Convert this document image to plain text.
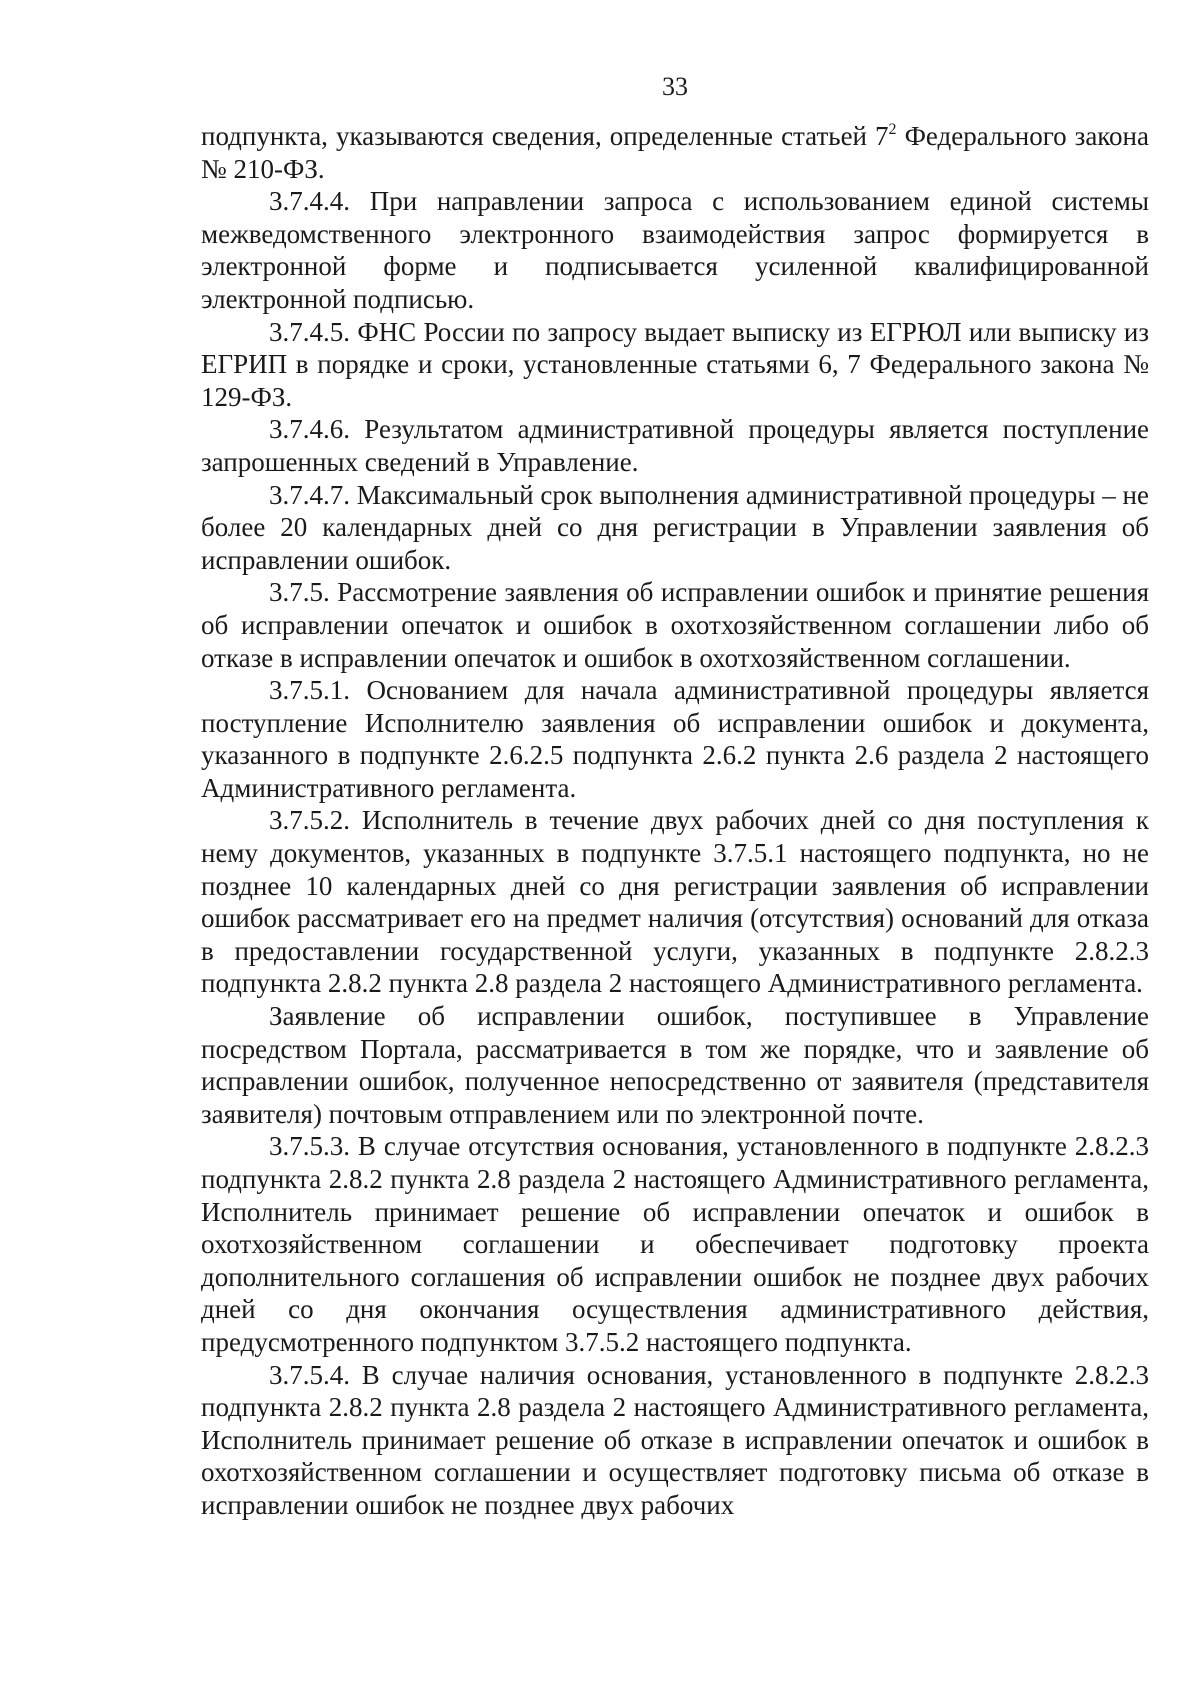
33

подпункта, указываются сведения, определенные статьей $7^2$ Федерального закона № 210-ФЗ.

3.7.4.4. При направлении запроса с использованием единой системы межведомственного электронного взаимодействия запрос формируется в электронной форме и подписывается усиленной квалифицированной электронной подписью.

3.7.4.5. ФНС России по запросу выдает выписку из ЕГРЮЛ или выписку из ЕГРИП в порядке и сроки, установленные статьями 6, 7 Федерального закона № 129-ФЗ.

3.7.4.6. Результатом административной процедуры является поступление запрошенных сведений в Управление.

3.7.4.7. Максимальный срок выполнения административной процедуры – не более 20 календарных дней со дня регистрации в Управлении заявления об исправлении ошибок.

3.7.5. Рассмотрение заявления об исправлении ошибок и принятие решения об исправлении опечаток и ошибок в охотхозяйственном соглашении либо об отказе в исправлении опечаток и ошибок в охотхозяйственном соглашении.

3.7.5.1. Основанием для начала административной процедуры является поступление Исполнителю заявления об исправлении ошибок и документа, указанного в подпункте 2.6.2.5 подпункта 2.6.2 пункта 2.6 раздела 2 настоящего Административного регламента.

3.7.5.2. Исполнитель в течение двух рабочих дней со дня поступления к нему документов, указанных в подпункте 3.7.5.1 настоящего подпункта, но не позднее 10 календарных дней со дня регистрации заявления об исправлении ошибок рассматривает его на предмет наличия (отсутствия) оснований для отказа в предоставлении государственной услуги, указанных в подпункте 2.8.2.3 подпункта 2.8.2 пункта 2.8 раздела 2 настоящего Административного регламента.

Заявление об исправлении ошибок, поступившее в Управление посредством Портала, рассматривается в том же порядке, что и заявление об исправлении ошибок, полученное непосредственно от заявителя (представителя заявителя) почтовым отправлением или по электронной почте.

3.7.5.3. В случае отсутствия основания, установленного в подпункте 2.8.2.3 подпункта 2.8.2 пункта 2.8 раздела 2 настоящего Административного регламента, Исполнитель принимает решение об исправлении опечаток и ошибок в охотхозяйственном соглашении и обеспечивает подготовку проекта дополнительного соглашения об исправлении ошибок не позднее двух рабочих дней со дня окончания осуществления административного действия, предусмотренного подпунктом 3.7.5.2 настоящего подпункта.

3.7.5.4. В случае наличия основания, установленного в подпункте 2.8.2.3 подпункта 2.8.2 пункта 2.8 раздела 2 настоящего Административного регламента, Исполнитель принимает решение об отказе в исправлении опечаток и ошибок в охотхозяйственном соглашении и осуществляет подготовку письма об отказе в исправлении ошибок не позднее двух рабочих
